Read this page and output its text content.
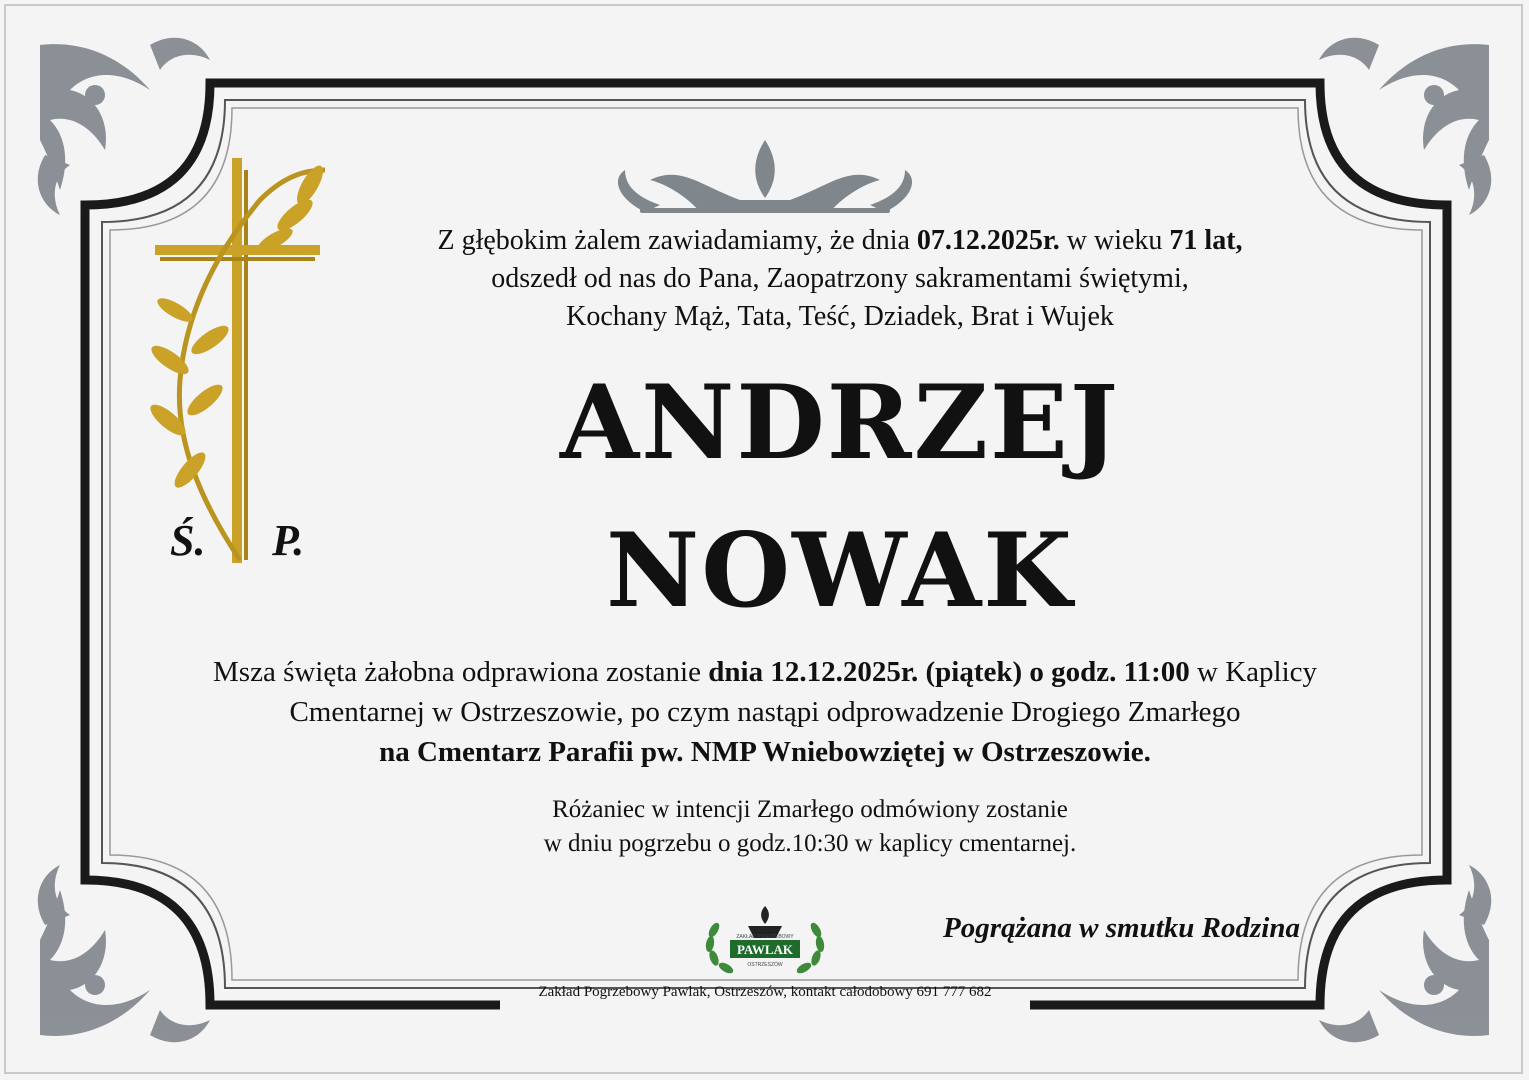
Ś. P.
Z głębokim żalem zawiadamiamy, że dnia 07.12.2025r. w wieku 71 lat,
odszedł od nas do Pana, Zaopatrzony sakramentami świętymi,
Kochany Mąż, Tata, Teść, Dziadek, Brat i Wujek
ANDRZEJ
NOWAK
Msza święta żałobna odprawiona zostanie dnia 12.12.2025r. (piątek) o godz. 11:00 w Kaplicy
Cmentarnej w Ostrzeszowie, po czym nastąpi odprowadzenie Drogiego Zmarłego
na Cmentarz Parafii pw. NMP Wniebowziętej w Ostrzeszowie.
Różaniec w intencji Zmarłego odmówiony zostanie
w dniu pogrzebu o godz.10:30 w kaplicy cmentarnej.
PAWLAK
ZAKŁAD POGRZEBOWY
OSTRZESZÓW
Pogrążana w smutku Rodzina
Zakład Pogrzebowy Pawlak, Ostrzeszów, kontakt całodobowy 691 777 682
